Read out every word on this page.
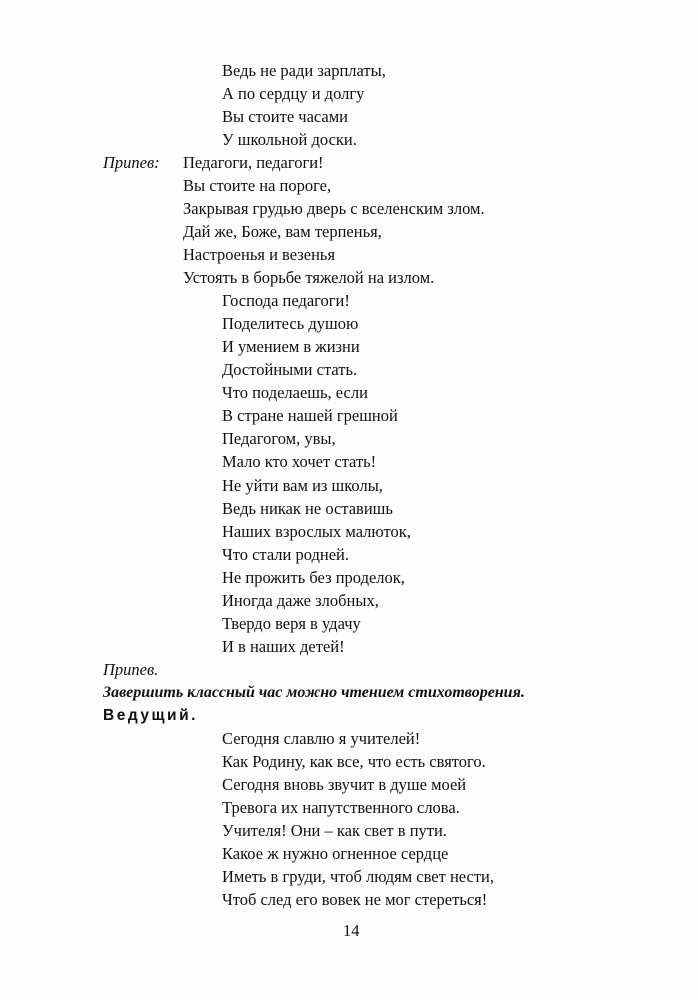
Ведь не ради зарплаты,
А по сердцу и долгу
Вы стоите часами
У школьной доски.
Припев: Педагоги, педагоги!
Вы стоите на пороге,
Закрывая грудью дверь с вселенским злом.
Дай же, Боже, вам терпенья,
Настроенья и везенья
Устоять в борьбе тяжелой на излом.
Господа педагоги!
Поделитесь душою
И умением в жизни
Достойными стать.
Что поделаешь, если
В стране нашей грешной
Педагогом, увы,
Мало кто хочет стать!
Не уйти вам из школы,
Ведь никак не оставишь
Наших взрослых малюток,
Что стали родней.
Не прожить без проделок,
Иногда даже злобных,
Твердо веря в удачу
И в наших детей!
Припев.
Завершить классный час можно чтением стихотворения.
Ведущий.
Сегодня славлю я учителей!
Как Родину, как все, что есть святого.
Сегодня вновь звучит в душе моей
Тревога их напутственного слова.
Учителя! Они – как свет в пути.
Какое ж нужно огненное сердце
Иметь в груди, чтоб людям свет нести,
Чтоб след его вовек не мог стереться!
14
